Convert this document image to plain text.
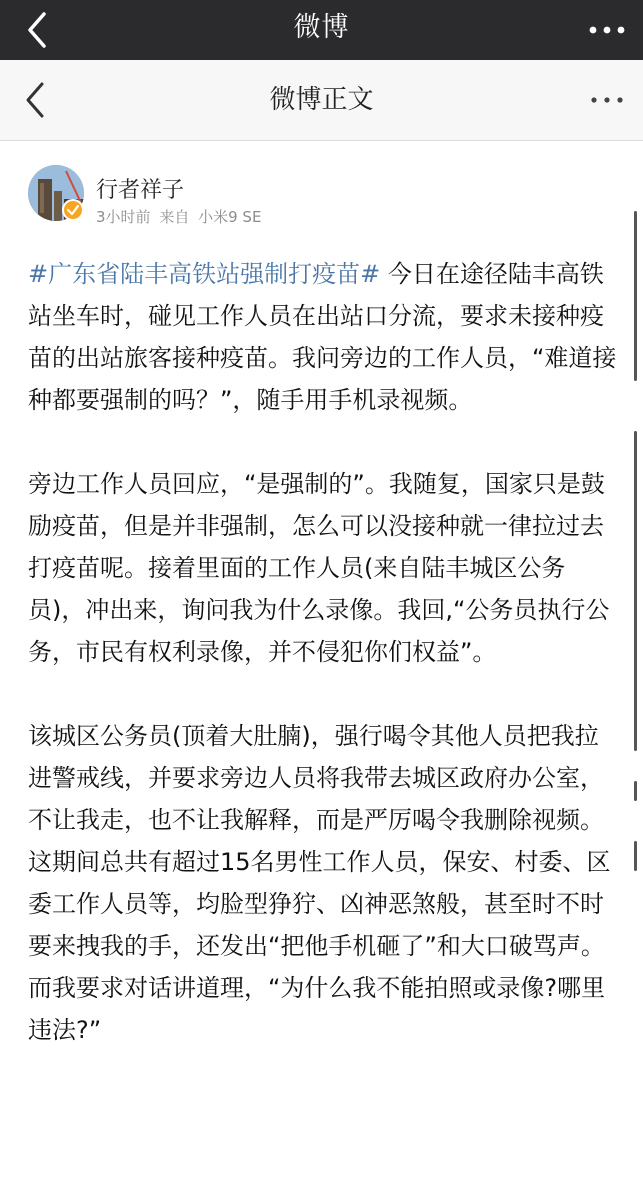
微博
微博正文
行者祥子
3小时前 来自 小米9 SE

#广东省陆丰高铁站强制打疫苗# 今日在途径陆丰高铁站坐车时，碰见工作人员在出站口分流，要求未接种疫苗的出站旅客接种疫苗。我问旁边的工作人员，“难道接种都要强制的吗？”，随手用手机录视频。

旁边工作人员回应，“是强制的”。我随复，国家只是鼓励疫苗，但是并非强制，怎么可以没接种就一律拉过去打疫苗呢。接着里面的工作人员(来自陆丰城区公务员)，冲出来，询问我为什么录像。我回,“公务员执行公务，市民有权利录像，并不侵犯你们权益”。

该城区公务员(顶着大肚腩)，强行喝令其他人员把我拉进警戒线，并要求旁边人员将我带去城区政府办公室，不让我走，也不让我解释，而是严厉喝令我删除视频。这期间总共有超过15名男性工作人员，保安、村委、区委工作人员等，均脸型狰狞、凶神恶煞般，甚至时不时要来拽我的手，还发出“把他手机砸了”和大口破骂声。而我要求对话讲道理，“为什么我不能拍照或录像?哪里违法?”
